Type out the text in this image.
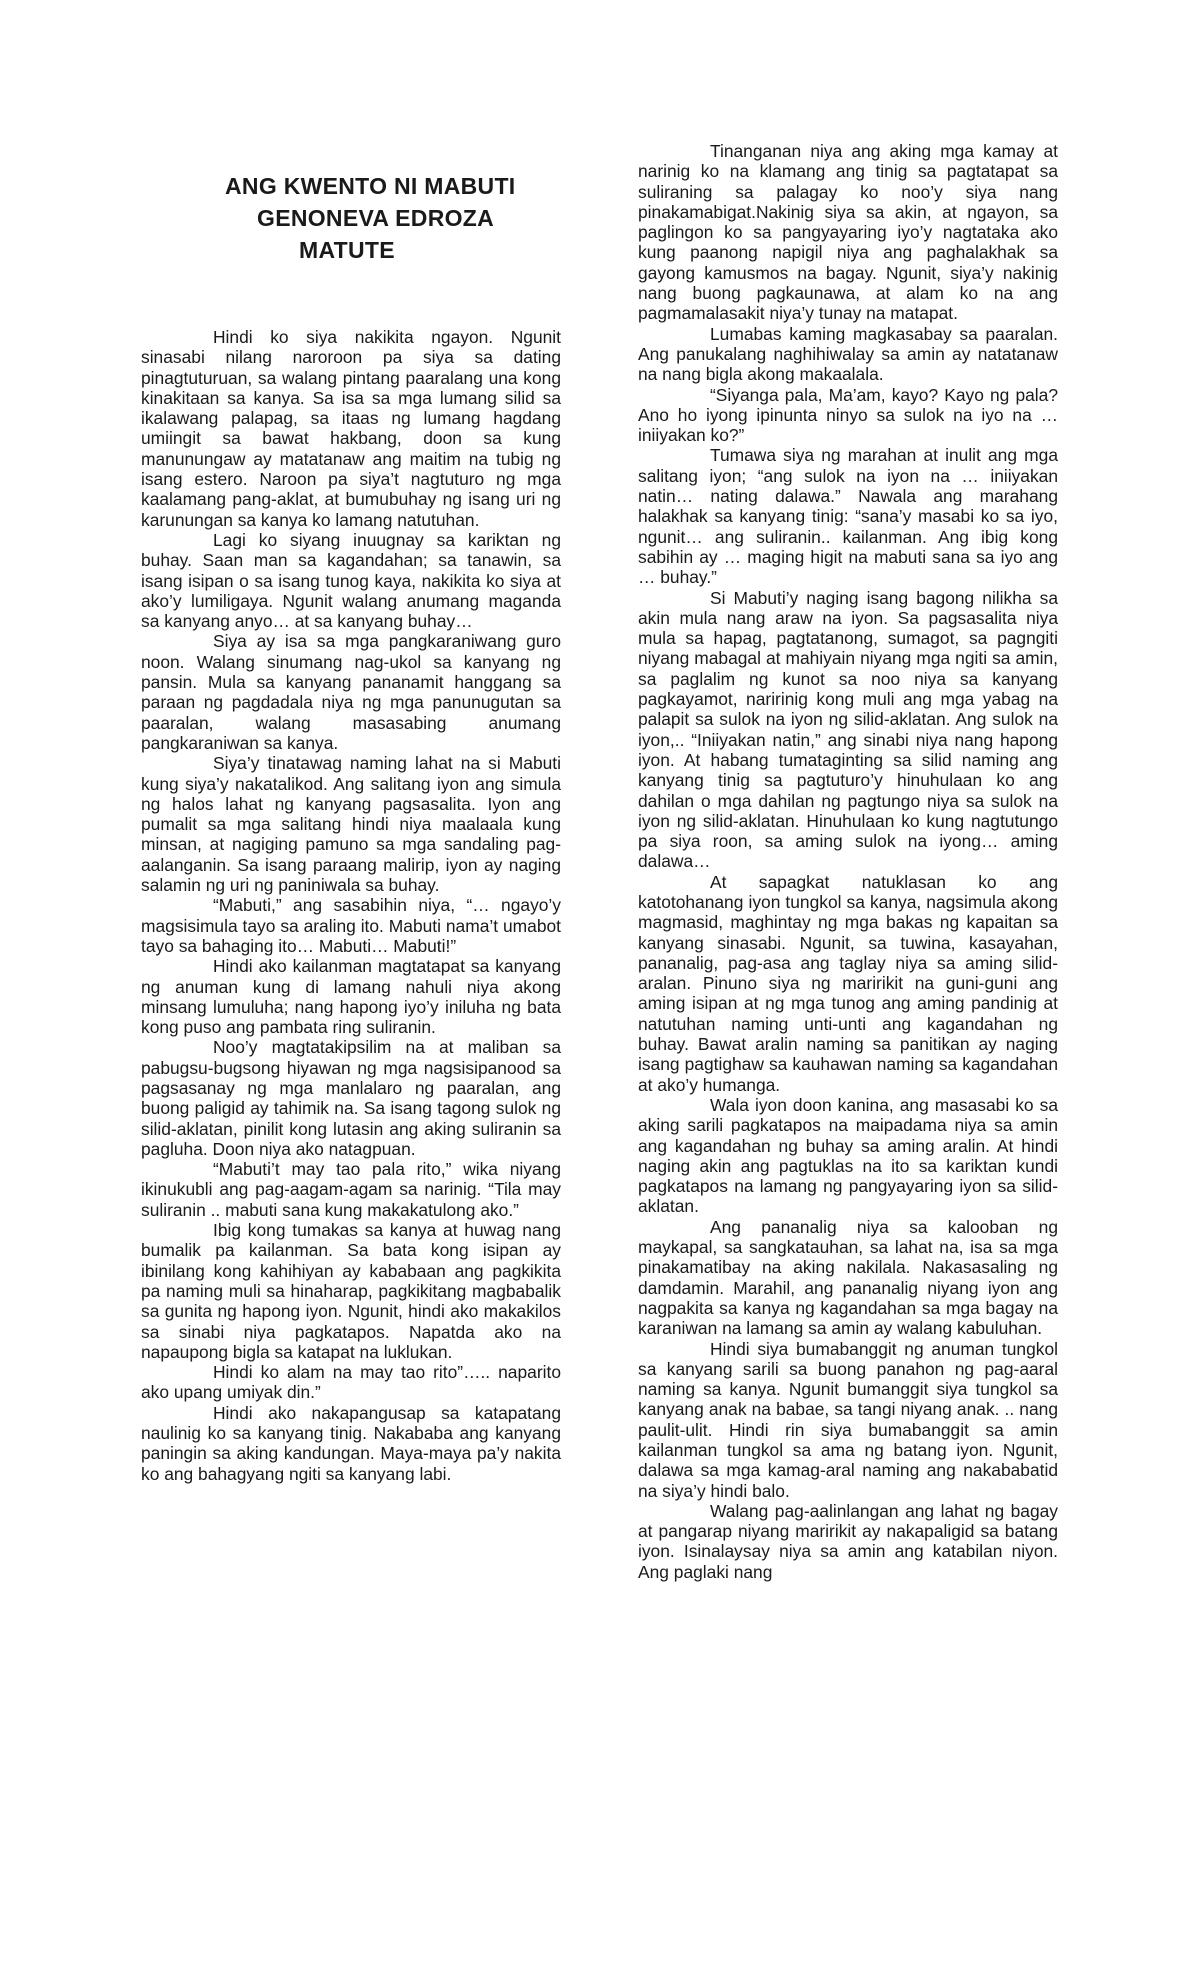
ANG KWENTO NI MABUTI
GENONEVA EDROZA
MATUTE

Hindi ko siya nakikita ngayon. Ngunit sinasabi nilang naroroon pa siya sa dating pinagtuturuan, sa walang pintang paaralang una kong kinakitaan sa kanya. Sa isa sa mga lumang silid sa ikalawang palapag, sa itaas ng lumang hagdang umiingit sa bawat hakbang, doon sa kung manunungaw ay matatanaw ang maitim na tubig ng isang estero. Naroon pa siya’t nagtuturo ng mga kaalamang pang-aklat, at bumubuhay ng isang uri ng karunungan sa kanya ko lamang natutuhan.

Lagi ko siyang inuugnay sa kariktan ng buhay. Saan man sa kagandahan; sa tanawin, sa isang isipan o sa isang tunog kaya, nakikita ko siya at ako’y lumiligaya. Ngunit walang anumang maganda sa kanyang anyo… at sa kanyang buhay…

Siya ay isa sa mga pangkaraniwang guro noon. Walang sinumang nag-ukol sa kanyang ng pansin. Mula sa kanyang pananamit hanggang sa paraan ng pagdadala niya ng mga panunugutan sa paaralan, walang masasabing anumang pangkaraniwan sa kanya.

Siya’y tinatawag naming lahat na si Mabuti kung siya’y nakatalikod. Ang salitang iyon ang simula ng halos lahat ng kanyang pagsasalita. Iyon ang pumalit sa mga salitang hindi niya maalaala kung minsan, at nagiging pamuno sa mga sandaling pag-aalanganin. Sa isang paraang malirip, iyon ay naging salamin ng uri ng paniniwala sa buhay.

“Mabuti,” ang sasabihin niya, “… ngayo’y magsisimula tayo sa araling ito. Mabuti nama’t umabot tayo sa bahaging ito… Mabuti… Mabuti!”

Hindi ako kailanman magtatapat sa kanyang ng anuman kung di lamang nahuli niya akong minsang lumuluha; nang hapong iyo’y iniluha ng bata kong puso ang pambata ring suliranin.

Noo’y magtatakipsilim na at maliban sa pabugsu-bugsong hiyawan ng mga nagsisipanood sa pagsasanay ng mga manlalaro ng paaralan, ang buong paligid ay tahimik na. Sa isang tagong sulok ng silid-aklatan, pinilit kong lutasin ang aking suliranin sa pagluha. Doon niya ako natagpuan.

“Mabuti’t may tao pala rito,” wika niyang ikinukubli ang pag-aagam-agam sa narinig. “Tila may suliranin .. mabuti sana kung makakatulong ako.”

Ibig kong tumakas sa kanya at huwag nang bumalik pa kailanman. Sa bata kong isipan ay ibinilang kong kahihiyan ay kababaan ang pagkikita pa naming muli sa hinaharap, pagkikitang magbabalik sa gunita ng hapong iyon. Ngunit, hindi ako makakilos sa sinabi niya pagkatapos. Napatda ako na napaupong bigla sa katapat na luklukan.

Hindi ko alam na may tao rito”….. naparito ako upang umiyak din.”

Hindi ako nakapangusap sa katapatang naulinig ko sa kanyang tinig. Nakababa ang kanyang paningin sa aking kandungan. Maya-maya pa’y nakita ko ang bahagyang ngiti sa kanyang labi.

Tinanganan niya ang aking mga kamay at narinig ko na klamang ang tinig sa pagtatapat sa suliraning sa palagay ko noo’y siya nang pinakamabigat.Nakinig siya sa akin, at ngayon, sa paglingon ko sa pangyayaring iyo’y nagtataka ako kung paanong napigil niya ang paghalakhak sa gayong kamusmos na bagay. Ngunit, siya’y nakinig nang buong pagkaunawa, at alam ko na ang pagmamalasakit niya’y tunay na matapat.

Lumabas kaming magkasabay sa paaralan. Ang panukalang naghihiwalay sa amin ay natatanaw na nang bigla akong makaalala.

“Siyanga pala, Ma’am, kayo? Kayo ng pala? Ano ho iyong ipinunta ninyo sa sulok na iyo na … iniiyakan ko?”

Tumawa siya ng marahan at inulit ang mga salitang iyon; “ang sulok na iyon na … iniiyakan natin… nating dalawa.” Nawala ang marahang halakhak sa kanyang tinig: “sana’y masabi ko sa iyo, ngunit… ang suliranin.. kailanman. Ang ibig kong sabihin ay … maging higit na mabuti sana sa iyo ang … buhay.”

Si Mabuti’y naging isang bagong nilikha sa akin mula nang araw na iyon. Sa pagsasalita niya mula sa hapag, pagtatanong, sumagot, sa pagngiti niyang mabagal at mahiyain niyang mga ngiti sa amin, sa paglalim ng kunot sa noo niya sa kanyang pagkayamot, naririnig kong muli ang mga yabag na palapit sa sulok na iyon ng silid-aklatan. Ang sulok na iyon,.. “Iniiyakan natin,” ang sinabi niya nang hapong iyon. At habang tumataginting sa silid naming ang kanyang tinig sa pagtuturo’y hinuhulaan ko ang dahilan o mga dahilan ng pagtungo niya sa sulok na iyon ng silid-aklatan. Hinuhulaan ko kung nagtutungo pa siya roon, sa aming sulok na iyong… aming dalawa…

At sapagkat natuklasan ko ang katotohanang iyon tungkol sa kanya, nagsimula akong magmasid, maghintay ng mga bakas ng kapaitan sa kanyang sinasabi. Ngunit, sa tuwina, kasayahan, pananalig, pag-asa ang taglay niya sa aming silid-aralan. Pinuno siya ng maririkit na guni-guni ang aming isipan at ng mga tunog ang aming pandinig at natutuhan naming unti-unti ang kagandahan ng buhay. Bawat aralin naming sa panitikan ay naging isang pagtighaw sa kauhawan naming sa kagandahan at ako’y humanga.

Wala iyon doon kanina, ang masasabi ko sa aking sarili pagkatapos na maipadama niya sa amin ang kagandahan ng buhay sa aming aralin. At hindi naging akin ang pagtuklas na ito sa kariktan kundi pagkatapos na lamang ng pangyayaring iyon sa silid-aklatan.

Ang pananalig niya sa kalooban ng maykapal, sa sangkatauhan, sa lahat na, isa sa mga pinakamatibay na aking nakilala. Nakasasaling ng damdamin. Marahil, ang pananalig niyang iyon ang nagpakita sa kanya ng kagandahan sa mga bagay na karaniwan na lamang sa amin ay walang kabuluhan.

Hindi siya bumabanggit ng anuman tungkol sa kanyang sarili sa buong panahon ng pag-aaral naming sa kanya. Ngunit bumanggit siya tungkol sa kanyang anak na babae, sa tangi niyang anak. .. nang paulit-ulit. Hindi rin siya bumabanggit sa amin kailanman tungkol sa ama ng batang iyon. Ngunit, dalawa sa mga kamag-aral naming ang nakababatid na siya’y hindi balo.

Walang pag-aalinlangan ang lahat ng bagay at pangarap niyang maririkit ay nakapaligid sa batang iyon. Isinalaysay niya sa amin ang katabilan niyon. Ang paglaki nang
